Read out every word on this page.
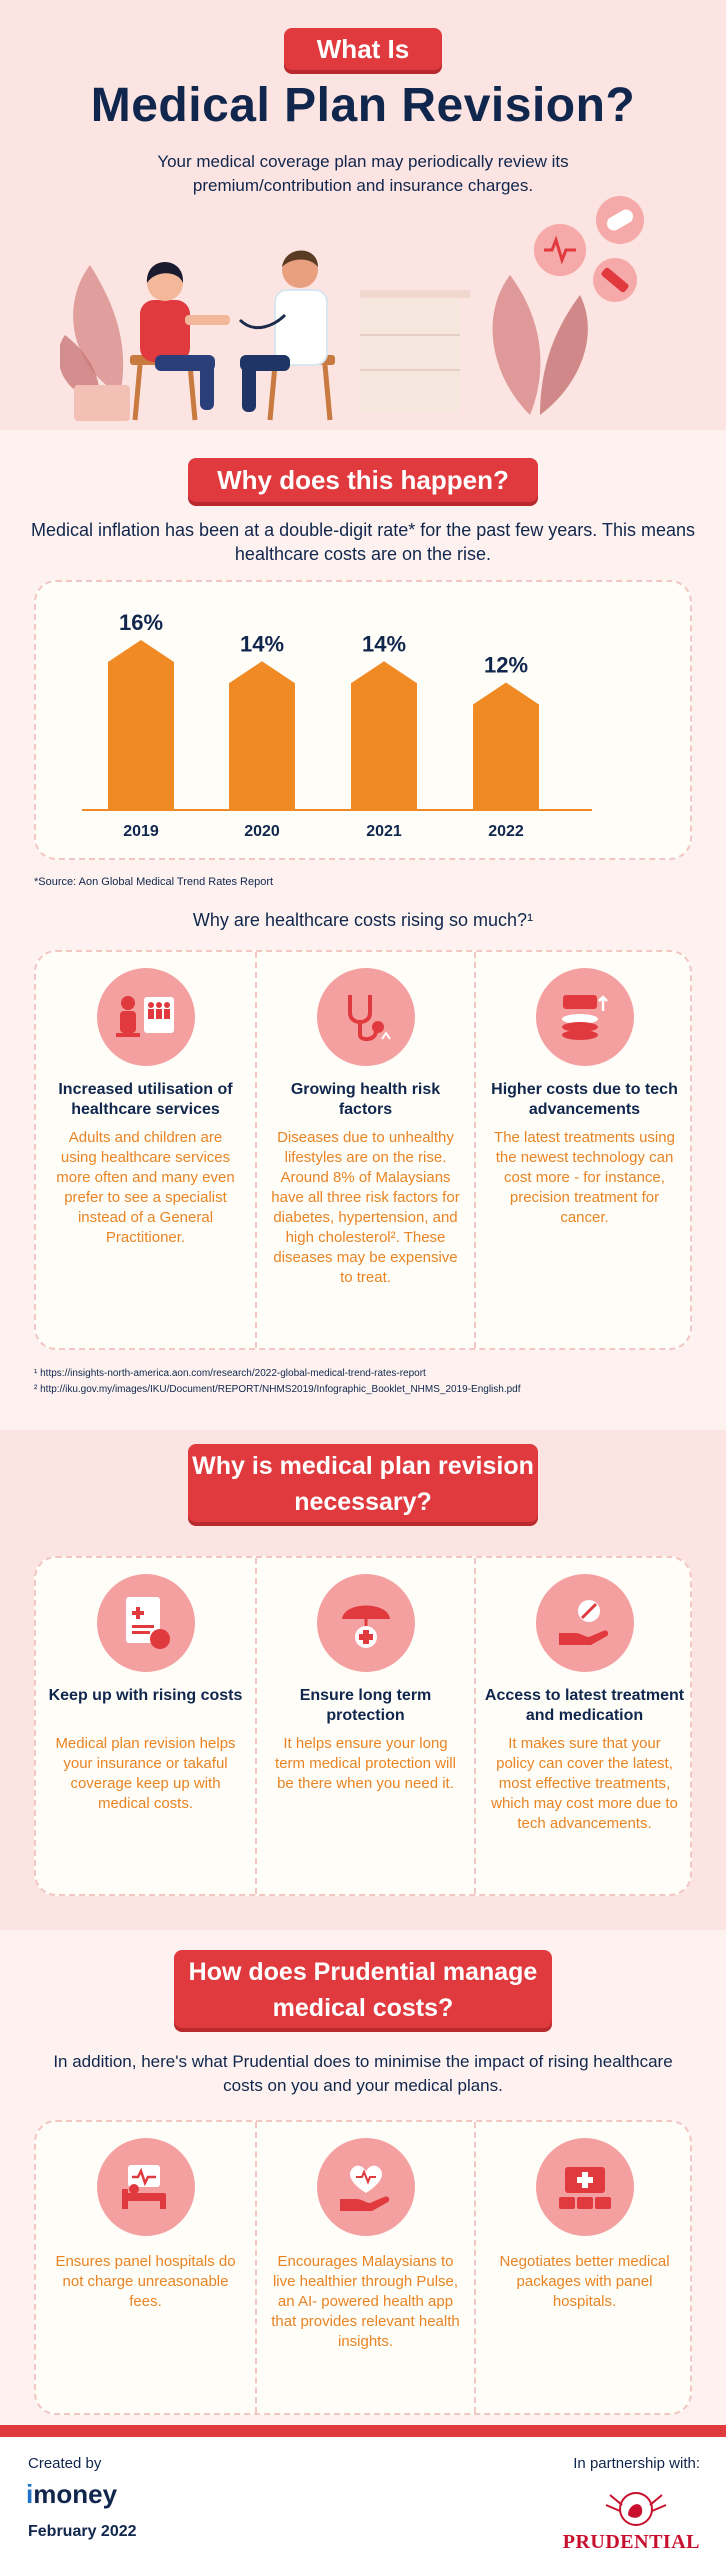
What Is
Medical Plan Revision?

Your medical coverage plan may periodically review its premium/contribution and insurance charges.

Why does this happen?

Medical inflation has been at a double-digit rate* for the past few years. This means healthcare costs are on the rise.

16%
2019
14%
2020
14%
2021
12%
2022

*Source: Aon Global Medical Trend Rates Report

Why are healthcare costs rising so much?¹

Increased utilisation of healthcare services
Adults and children are using healthcare services more often and many even prefer to see a specialist instead of a General Practitioner.
Growing health risk factors
Diseases due to unhealthy lifestyles are on the rise. Around 8% of Malaysians have all three risk factors for diabetes, hypertension, and high cholesterol². These diseases may be expensive to treat.
Higher costs due to tech advancements
The latest treatments using the newest technology can cost more - for instance, precision treatment for cancer.
¹ https://insights-north-america.aon.com/research/2022-global-medical-trend-rates-report
² http://iku.gov.my/images/IKU/Document/REPORT/NHMS2019/Infographic_Booklet_NHMS_2019-English.pdf
Why is medical plan revision necessary?
Keep up with rising costs
Medical plan revision helps your insurance or takaful coverage keep up with medical costs.
Ensure long term protection
It helps ensure your long term medical protection will be there when you need it.
Access to latest treatment and medication
It makes sure that your policy can cover the latest, most effective treatments, which may cost more due to tech advancements.
How does Prudential manage medical costs?

In addition, here's what Prudential does to minimise the impact of rising healthcare costs on you and your medical plans.

Ensures panel hospitals do not charge unreasonable fees.
Encourages Malaysians to live healthier through Pulse, an AI- powered health app that provides relevant health insights.
Negotiates better medical packages with panel hospitals.
Created by
imoney
February 2022
In partnership with:
PRUDENTIAL
